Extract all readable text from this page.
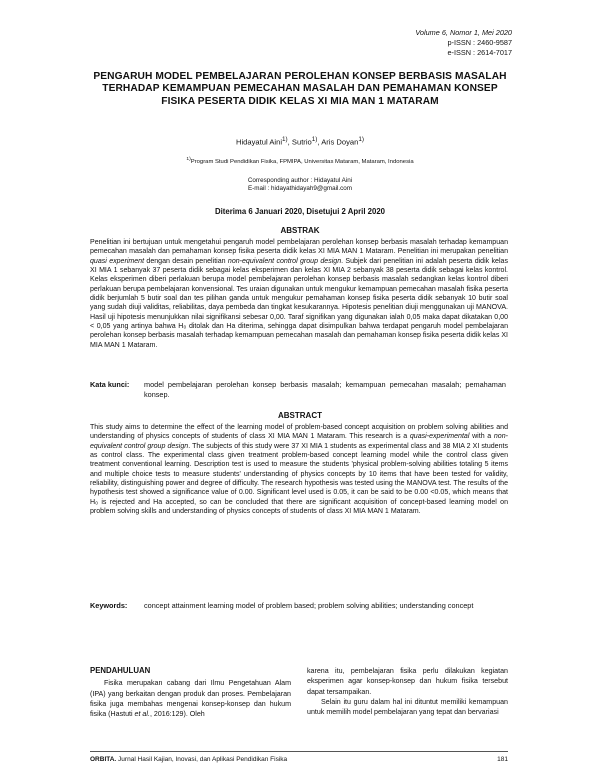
Volume 6, Nomor 1, Mei 2020
p-ISSN : 2460-9587
e-ISSN : 2614-7017
PENGARUH MODEL PEMBELAJARAN PEROLEHAN KONSEP BERBASIS MASALAH TERHADAP KEMAMPUAN PEMECAHAN MASALAH DAN PEMAHAMAN KONSEP FISIKA PESERTA DIDIK KELAS XI MIA MAN 1 MATARAM
Hidayatul Aini$^{1)}$, Sutrio$^{1)}$, Aris Doyan$^{1)}$
$^{1)}$Program Studi Pendidikan Fisika, FPMIPA, Universitas Mataram, Mataram, Indonesia
Corresponding author : Hidayatul Aini
E-mail : hidayathidayah9@gmail.com
Diterima 6 Januari 2020, Disetujui 2 April 2020
ABSTRAK
Penelitian ini bertujuan untuk mengetahui pengaruh model pembelajaran perolehan konsep berbasis masalah terhadap kemampuan pemecahan masalah dan pemahaman konsep fisika peserta didik kelas XI MIA MAN 1 Mataram. Penelitian ini merupakan penelitian quasi experiment dengan desain penelitian non-equivalent control group design. Subjek dari penelitian ini adalah peserta didik kelas XI MIA 1 sebanyak 37 peserta didik sebagai kelas eksperimen dan kelas XI MIA 2 sebanyak 38 peserta didik sebagai kelas kontrol. Kelas eksperimen diberi perlakuan berupa model pembelajaran perolehan konsep berbasis masalah sedangkan kelas kontrol diberi perlakuan berupa pembelajaran konvensional. Tes uraian digunakan untuk mengukur kemampuan pemecahan masalah fisika peserta didik berjumlah 5 butir soal dan tes pilihan ganda untuk mengukur pemahaman konsep fisika peserta didik sebanyak 10 butir soal yang sudah diuji validitas, reliabilitas, daya pembeda dan tingkat kesukarannya. Hipotesis penelitian diuji menggunakan uji MANOVA. Hasil uji hipotesis menunjukkan nilai signifikansi sebesar 0,00. Taraf signifikan yang digunakan ialah 0,05 maka dapat dikatakan 0,00 < 0,05 yang artinya bahwa H₀ ditolak dan Ha diterima, sehingga dapat disimpulkan bahwa terdapat pengaruh model pembelajaran perolehan konsep berbasis masalah terhadap kemampuan pemecahan masalah dan pemahaman konsep fisika peserta didik kelas XI MIA MAN 1 Mataram.
Kata kunci: model pembelajaran perolehan konsep berbasis masalah; kemampuan pemecahan masalah; pemahaman konsep.
ABSTRACT
This study aims to determine the effect of the learning model of problem-based concept acquisition on problem solving abilities and understanding of physics concepts of students of class XI MIA MAN 1 Mataram. This research is a quasi-experimental with a non-equivalent control group design. The subjects of this study were 37 XI MIA 1 students as experimental class and 38 MIA 2 XI students as control class. The experimental class given treatment problem-based concept learning model while the control class given treatment conventional learning. Description test is used to measure the students 'physical problem-solving abilities totaling 5 items and multiple choice tests to measure students' understanding of physics concepts by 10 items that have been tested for validity, reliability, distinguishing power and degree of difficulty. The research hypothesis was tested using the MANOVA test. The results of the hypothesis test showed a significance value of 0.00. Significant level used is 0.05, it can be said to be 0.00 <0.05, which means that H₀ is rejected and Ha accepted, so can be concluded that there are significant acquisition of concept-based learning model on problem solving skills and understanding of physics concepts of students of class XI MIA MAN 1 Mataram.
Keywords: concept attainment learning model of problem based; problem solving abilities; understanding concept
PENDAHULUAN
Fisika merupakan cabang dari Ilmu Pengetahuan Alam (IPA) yang berkaitan dengan produk dan proses. Pembelajaran fisika juga membahas mengenai konsep-konsep dan hukum fisika (Hastuti et al., 2016:129). Oleh
karena itu, pembelajaran fisika perlu dilakukan kegiatan eksperimen agar konsep-konsep dan hukum fisika tersebut dapat tersampaikan.
Selain itu guru dalam hal ini dituntut memiliki kemampuan untuk memilih model pembelajaran yang tepat dan bervariasi
ORBITA. Jurnal Hasil Kajian, Inovasi, dan Aplikasi Pendidikan Fisika	181
